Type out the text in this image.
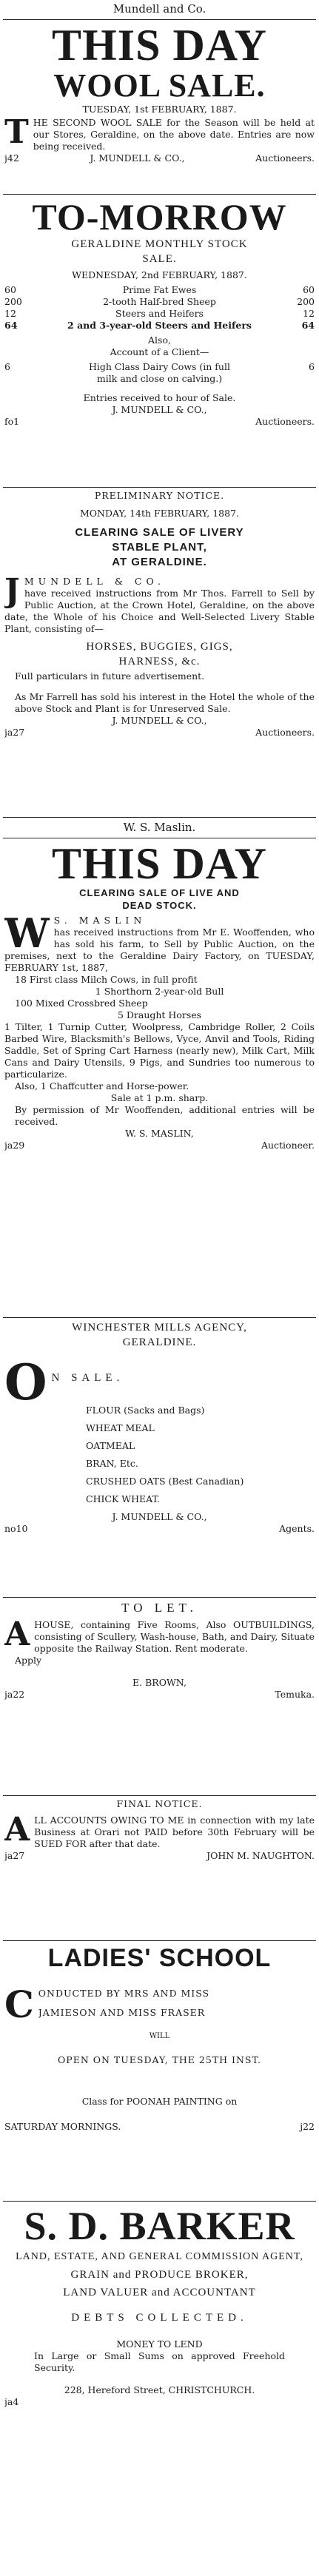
Mundell and Co.

THIS DAY

WOOL SALE.

TUESDAY, 1st FEBRUARY, 1887.

T HE SECOND WOOL SALE for the Season will be held at our Stores, Geraldine, on the above date. Entries are now being received.
j42	J. MUNDELL & CO.,	Auctioneers.

TO-MORROW

GERALDINE MONTHLY STOCK

SALE.

WEDNESDAY, 2nd FEBRUARY, 1887.

60	Prime Fat Ewes	60
200	2-tooth Half-bred Sheep	200
12	Steers and Heifers	12
64	2 and 3-year-old Steers and Heifers	64

Also,

Account of a Client—

6	High Class Dairy Cows (in full	6

milk and close on calving.)

Entries received to hour of Sale.

J. MUNDELL & CO.,

fo1	Auctioneers.

PRELIMINARY NOTICE.

MONDAY, 14th FEBRUARY, 1887.

CLEARING SALE OF LIVERY

STABLE PLANT,

AT GERALDINE.

J MUNDELL & CO.
have received instructions from Mr Thos. Farrell to Sell by Public Auction, at the Crown Hotel, Geraldine, on the above date, the Whole of his Choice and Well-Selected Livery Stable Plant, consisting of—

HORSES, BUGGIES, GIGS,

HARNESS, &c.

Full particulars in future advertisement.

As Mr Farrell has sold his interest in the Hotel the whole of the above Stock and Plant is for Unreserved Sale.

J. MUNDELL & CO.,

ja27	Auctioneers.

W. S. Maslin.

THIS DAY

CLEARING SALE OF LIVE AND

DEAD STOCK.

W S. MASLIN
has received instructions from Mr E. Wooffenden, who has sold his farm, to Sell by Public Auction, on the premises, next to the Geraldine Dairy Factory, on TUESDAY, FEBRUARY 1st, 1887,

18 First class Milch Cows, in full profit

1 Shorthorn 2-year-old Bull

100 Mixed Crossbred Sheep

5 Draught Horses

1 Tilter, 1 Turnip Cutter, Woolpress, Cambridge Roller, 2 Coils Barbed Wire, Blacksmith's Bellows, Vyce, Anvil and Tools, Riding Saddle, Set of Spring Cart Harness (nearly new), Milk Cart, Milk Cans and Dairy Utensils, 9 Pigs, and Sundries too numerous to particularize.

Also, 1 Chaffcutter and Horse-power.

Sale at 1 p.m. sharp.

By permission of Mr Wooffenden, additional entries will be received.

W. S. MASLIN,

ja29	Auctioneer.

WINCHESTER MILLS AGENCY,

GERALDINE.

O N SALE.

FLOUR (Sacks and Bags)

WHEAT MEAL

OATMEAL

BRAN, Etc.

CRUSHED OATS (Best Canadian)

CHICK WHEAT.

J. MUNDELL & CO.,

no10	Agents.

TO LET.

A HOUSE, containing Five Rooms, Also OUTBUILDINGS, consisting of Scullery, Wash-house, Bath, and Dairy, Situate opposite the Railway Station. Rent moderate.

Apply

E. BROWN,

ja22	Temuka.

FINAL NOTICE.

A LL ACCOUNTS OWING TO ME in connection with my late Business at Orari not PAID before 30th February will be SUED FOR after that date.
ja27	JOHN M. NAUGHTON.

LADIES' SCHOOL

C ONDUCTED BY MRS AND MISS

JAMIESON AND MISS FRASER

WILL

OPEN ON TUESDAY, THE 25TH INST.

Class for POONAH PAINTING on

SATURDAY MORNINGS.	j22

S. D. BARKER

LAND, ESTATE, AND GENERAL COMMISSION AGENT,

GRAIN and PRODUCE BROKER,

LAND VALUER and ACCOUNTANT

DEBTS COLLECTED.

MONEY TO LEND

In Large or Small Sums on approved Freehold Security.

228, Hereford Street, CHRISTCHURCH.

ja4
